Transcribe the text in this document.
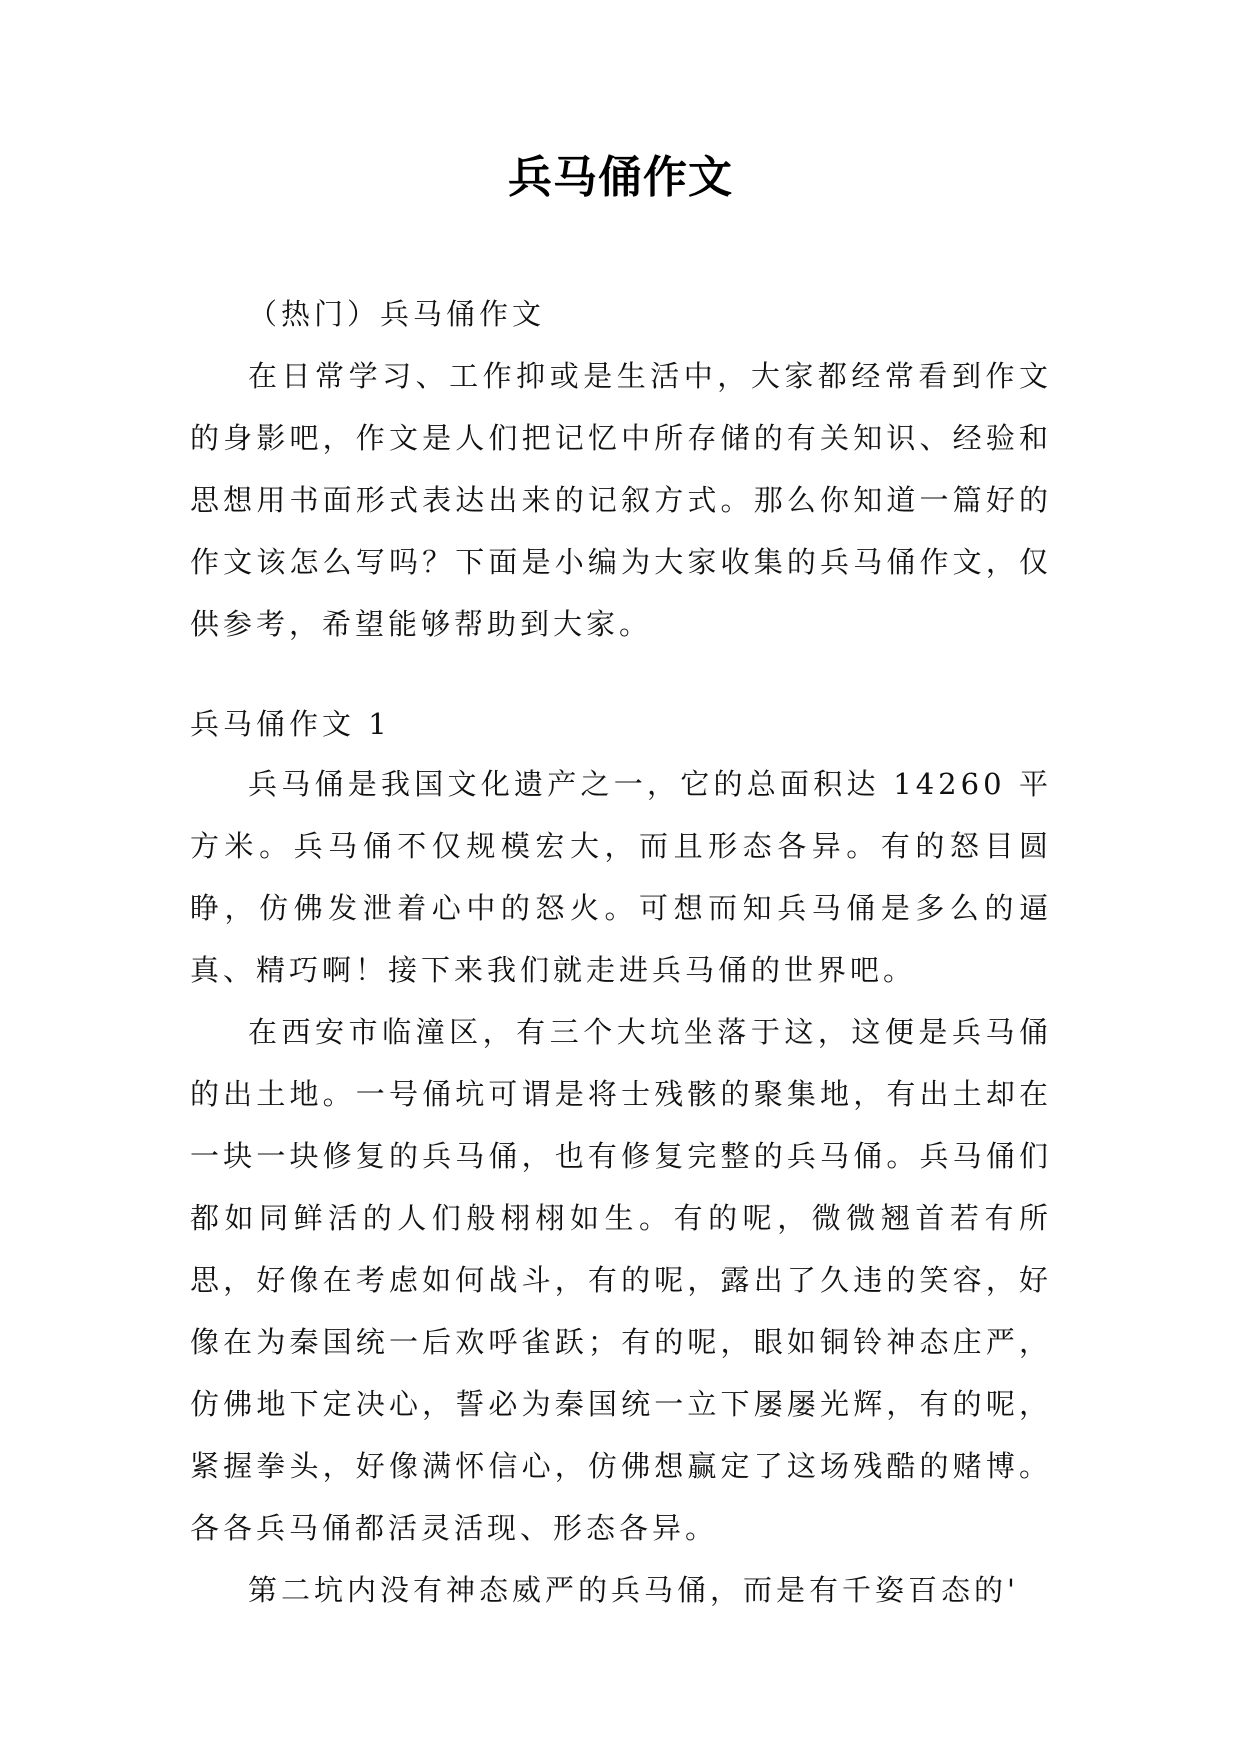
兵马俑作文

（热门）兵马俑作文

在日常学习、工作抑或是生活中，大家都经常看到作文的身影吧，作文是人们把记忆中所存储的有关知识、经验和思想用书面形式表达出来的记叙方式。那么你知道一篇好的作文该怎么写吗？下面是小编为大家收集的兵马俑作文，仅供参考，希望能够帮助到大家。

兵马俑作文 1

兵马俑是我国文化遗产之一，它的总面积达 14260 平方米。兵马俑不仅规模宏大，而且形态各异。有的怒目圆睁，仿佛发泄着心中的怒火。可想而知兵马俑是多么的逼真、精巧啊！接下来我们就走进兵马俑的世界吧。

在西安市临潼区，有三个大坑坐落于这，这便是兵马俑的出土地。一号俑坑可谓是将士残骸的聚集地，有出土却在一块一块修复的兵马俑，也有修复完整的兵马俑。兵马俑们都如同鲜活的人们般栩栩如生。有的呢，微微翘首若有所思，好像在考虑如何战斗，有的呢，露出了久违的笑容，好像在为秦国统一后欢呼雀跃；有的呢，眼如铜铃神态庄严，仿佛地下定决心，誓必为秦国统一立下屡屡光辉，有的呢，紧握拳头，好像满怀信心，仿佛想赢定了这场残酷的赌博。各各兵马俑都活灵活现、形态各异。

第二坑内没有神态威严的兵马俑，而是有千姿百态的'
